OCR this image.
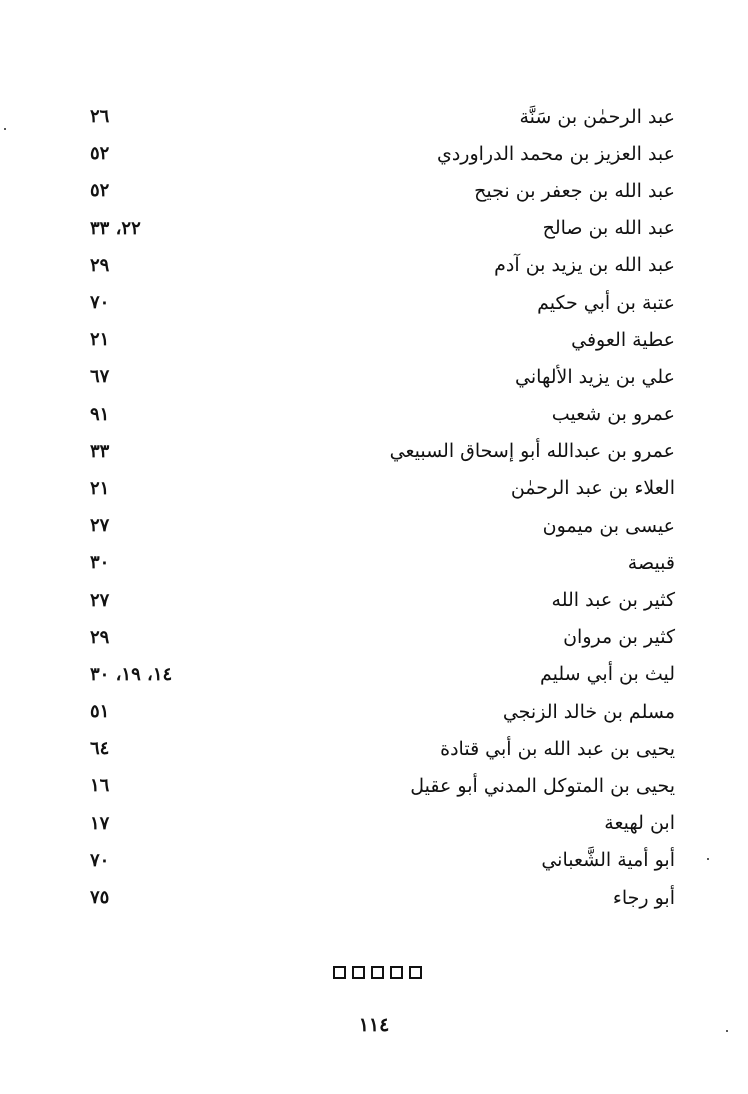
٢٦	عبد الرحمٰن بن سَنَّة
٥٢	عبد العزيز بن محمد الدراوردي
٥٢	عبد الله بن جعفر بن نجيح
٢٢، ٣٣	عبد الله بن صالح
٢٩	عبد الله بن يزيد بن آدم
٧٠	عتبة بن أبي حكيم
٢١	عطية العوفي
٦٧	علي بن يزيد الألهاني
٩١	عمرو بن شعيب
٣٣	عمرو بن عبدالله أبو إسحاق السبيعي
٢١	العلاء بن عبد الرحمٰن
٢٧	عيسى بن ميمون
٣٠	قبيصة
٢٧	كثير بن عبد الله
٢٩	كثير بن مروان
١٤، ١٩، ٣٠	ليث بن أبي سليم
٥١	مسلم بن خالد الزنجي
٦٤	يحيى بن عبد الله بن أبي قتادة
١٦	يحيى بن المتوكل المدني أبو عقيل
١٧	ابن لهيعة
٧٠	أبو أمية الشَّعباني
٧٥	أبو رجاء
١١٤
